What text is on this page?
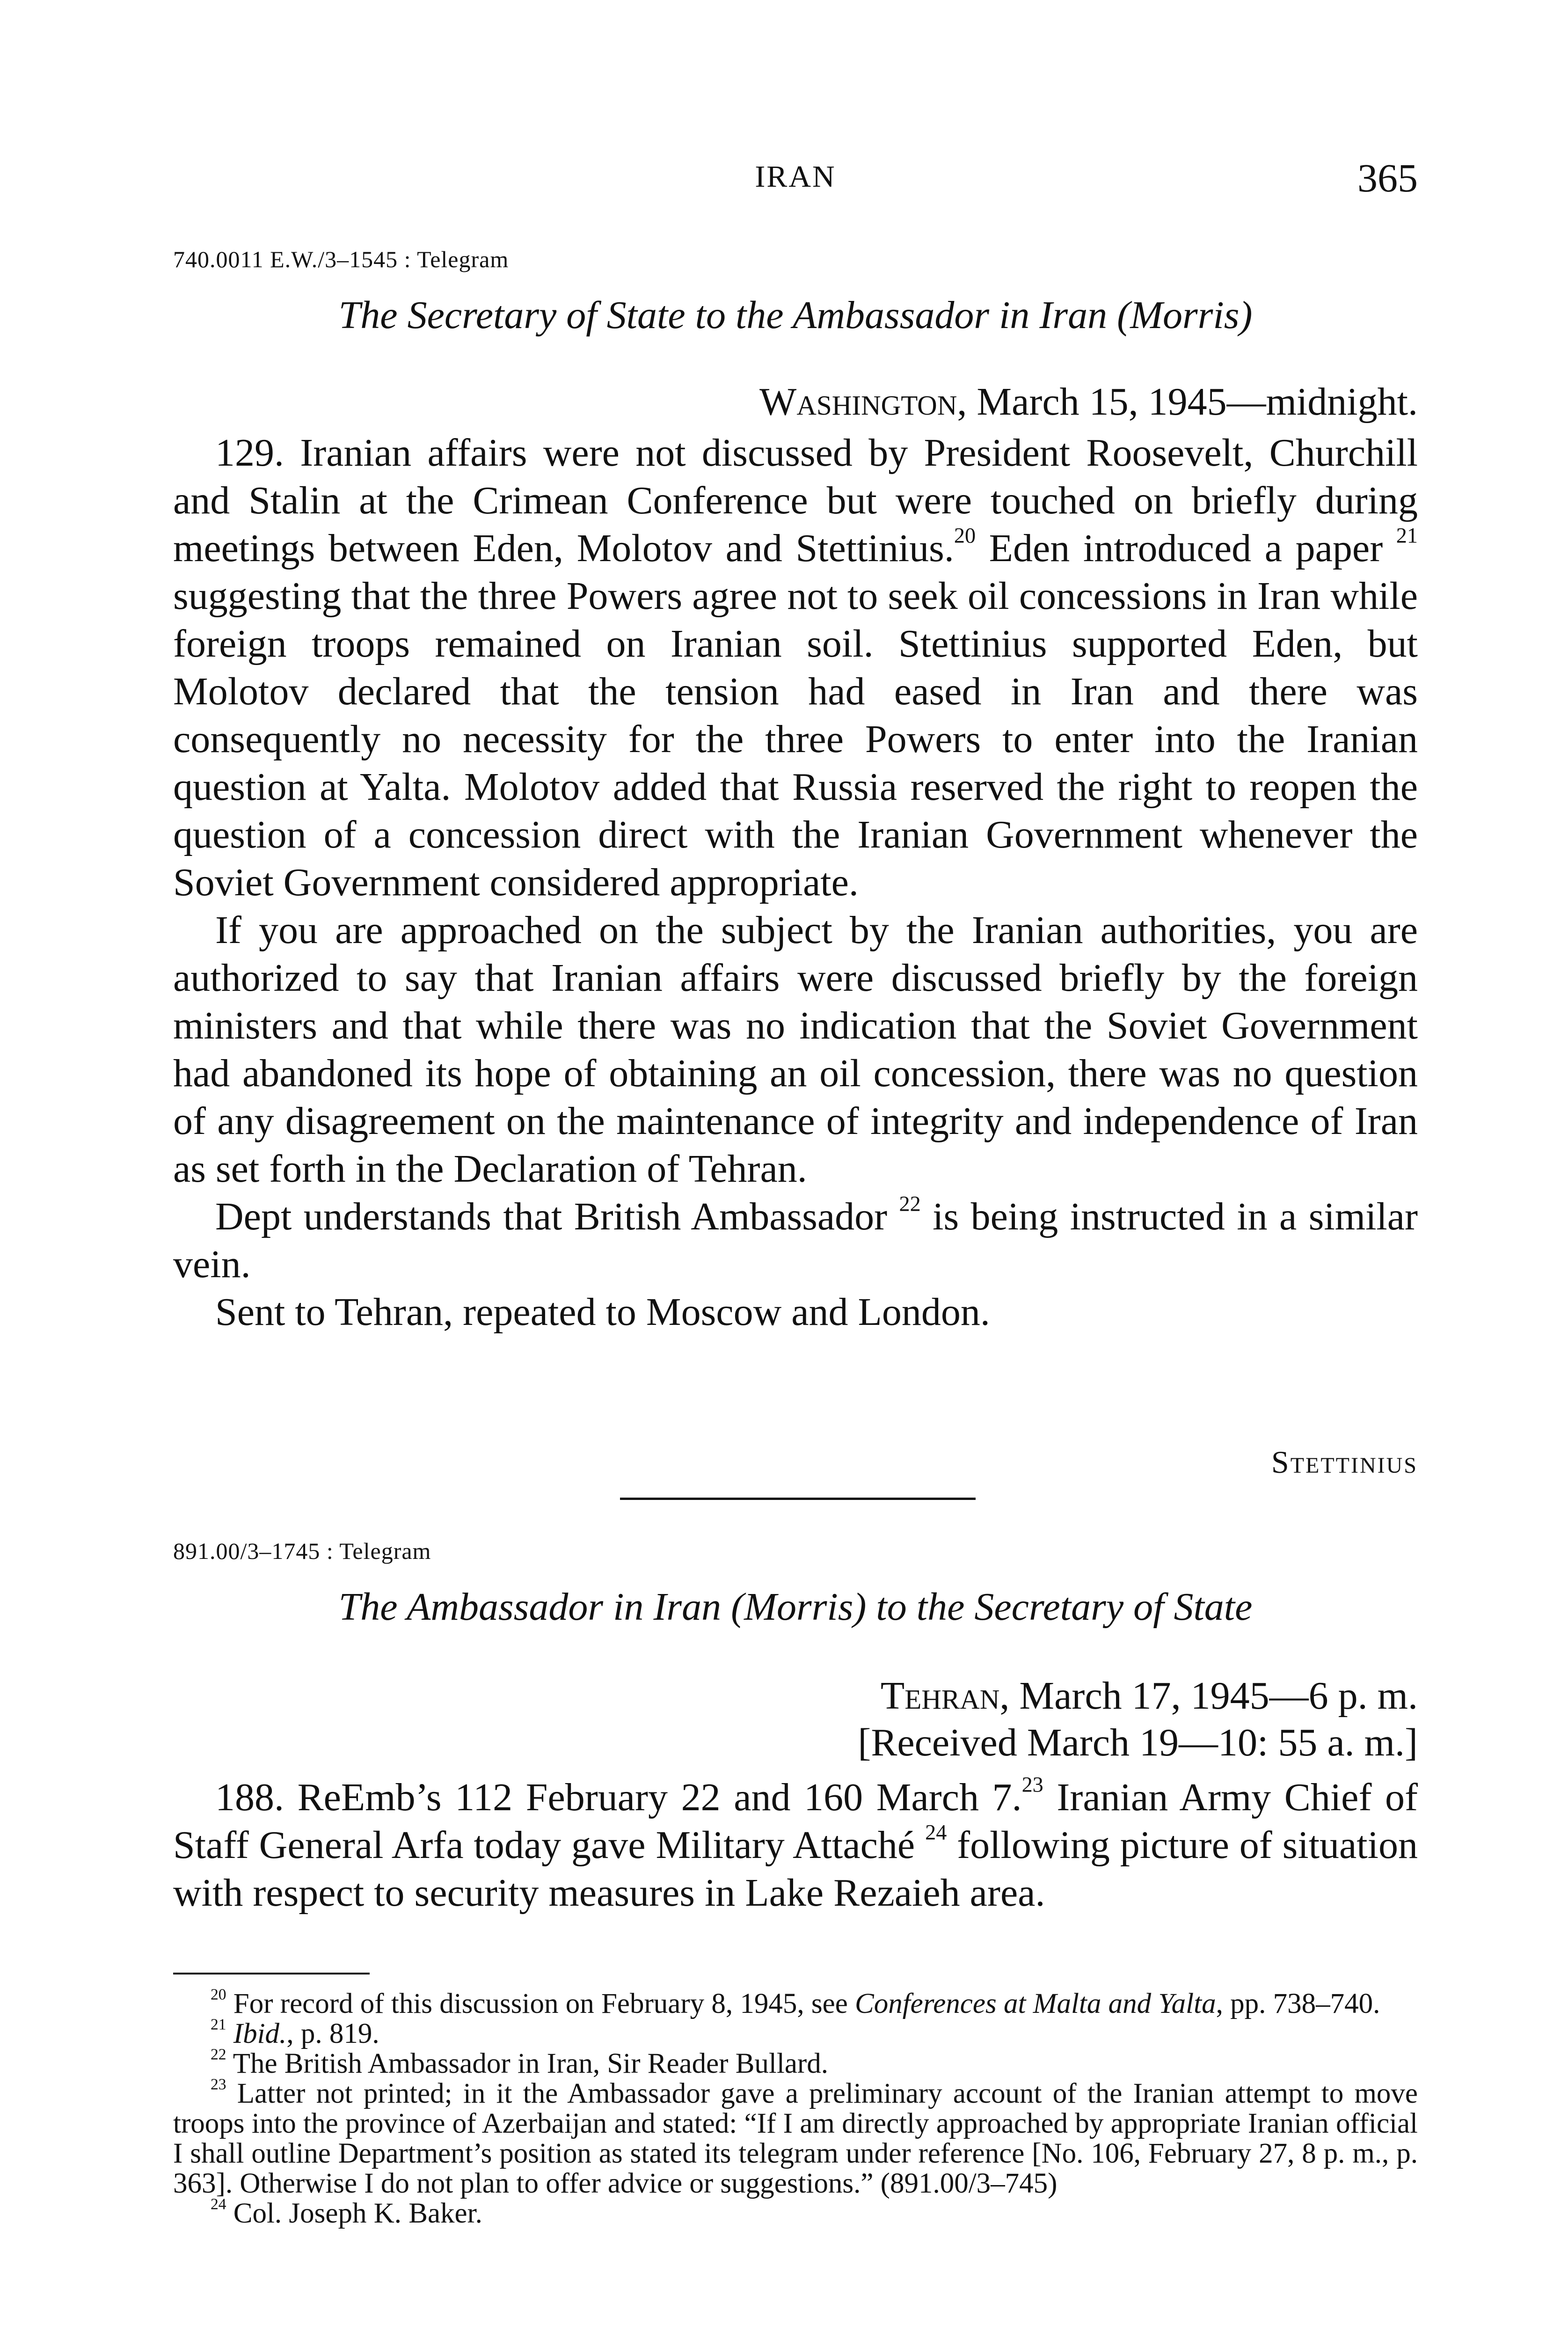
IRAN	365
740.0011 E.W./3–1545 : Telegram
The Secretary of State to the Ambassador in Iran (Morris)
Washington, March 15, 1945—midnight.

129. Iranian affairs were not discussed by President Roosevelt, Churchill and Stalin at the Crimean Conference but were touched on briefly during meetings between Eden, Molotov and Stettinius.$^{20}$ Eden introduced a paper $^{21}$ suggesting that the three Powers agree not to seek oil concessions in Iran while foreign troops remained on Iranian soil. Stettinius supported Eden, but Molotov declared that the tension had eased in Iran and there was consequently no necessity for the three Powers to enter into the Iranian question at Yalta. Molotov added that Russia reserved the right to reopen the question of a concession direct with the Iranian Government whenever the Soviet Government considered appropriate.

If you are approached on the subject by the Iranian authorities, you are authorized to say that Iranian affairs were discussed briefly by the foreign ministers and that while there was no indication that the Soviet Government had abandoned its hope of obtaining an oil concession, there was no question of any disagreement on the maintenance of integrity and independence of Iran as set forth in the Declaration of Tehran.

Dept understands that British Ambassador $^{22}$ is being instructed in a similar vein.

Sent to Tehran, repeated to Moscow and London.

Stettinius
891.00/3–1745 : Telegram
The Ambassador in Iran (Morris) to the Secretary of State
Tehran, March 17, 1945—6 p. m.
[Received March 19—10: 55 a. m.]

188. ReEmb’s 112 February 22 and 160 March 7.23 Iranian Army Chief of Staff General Arfa today gave Military Attaché $^{24}$ following picture of situation with respect to security measures in Lake Rezaieh area.

$^{20}$ For record of this discussion on February 8, 1945, see Conferences at Malta and Yalta, pp. 738–740.

$^{21}$ Ibid., p. 819.

$^{22}$ The British Ambassador in Iran, Sir Reader Bullard.

$^{23}$ Latter not printed; in it the Ambassador gave a preliminary account of the Iranian attempt to move troops into the province of Azerbaijan and stated: “If I am directly approached by appropriate Iranian official I shall outline Department’s position as stated its telegram under reference [No. 106, February 27, 8 p. m., p. 363]. Otherwise I do not plan to offer advice or suggestions.” (891.00/3–745)

$^{24}$ Col. Joseph K. Baker.
